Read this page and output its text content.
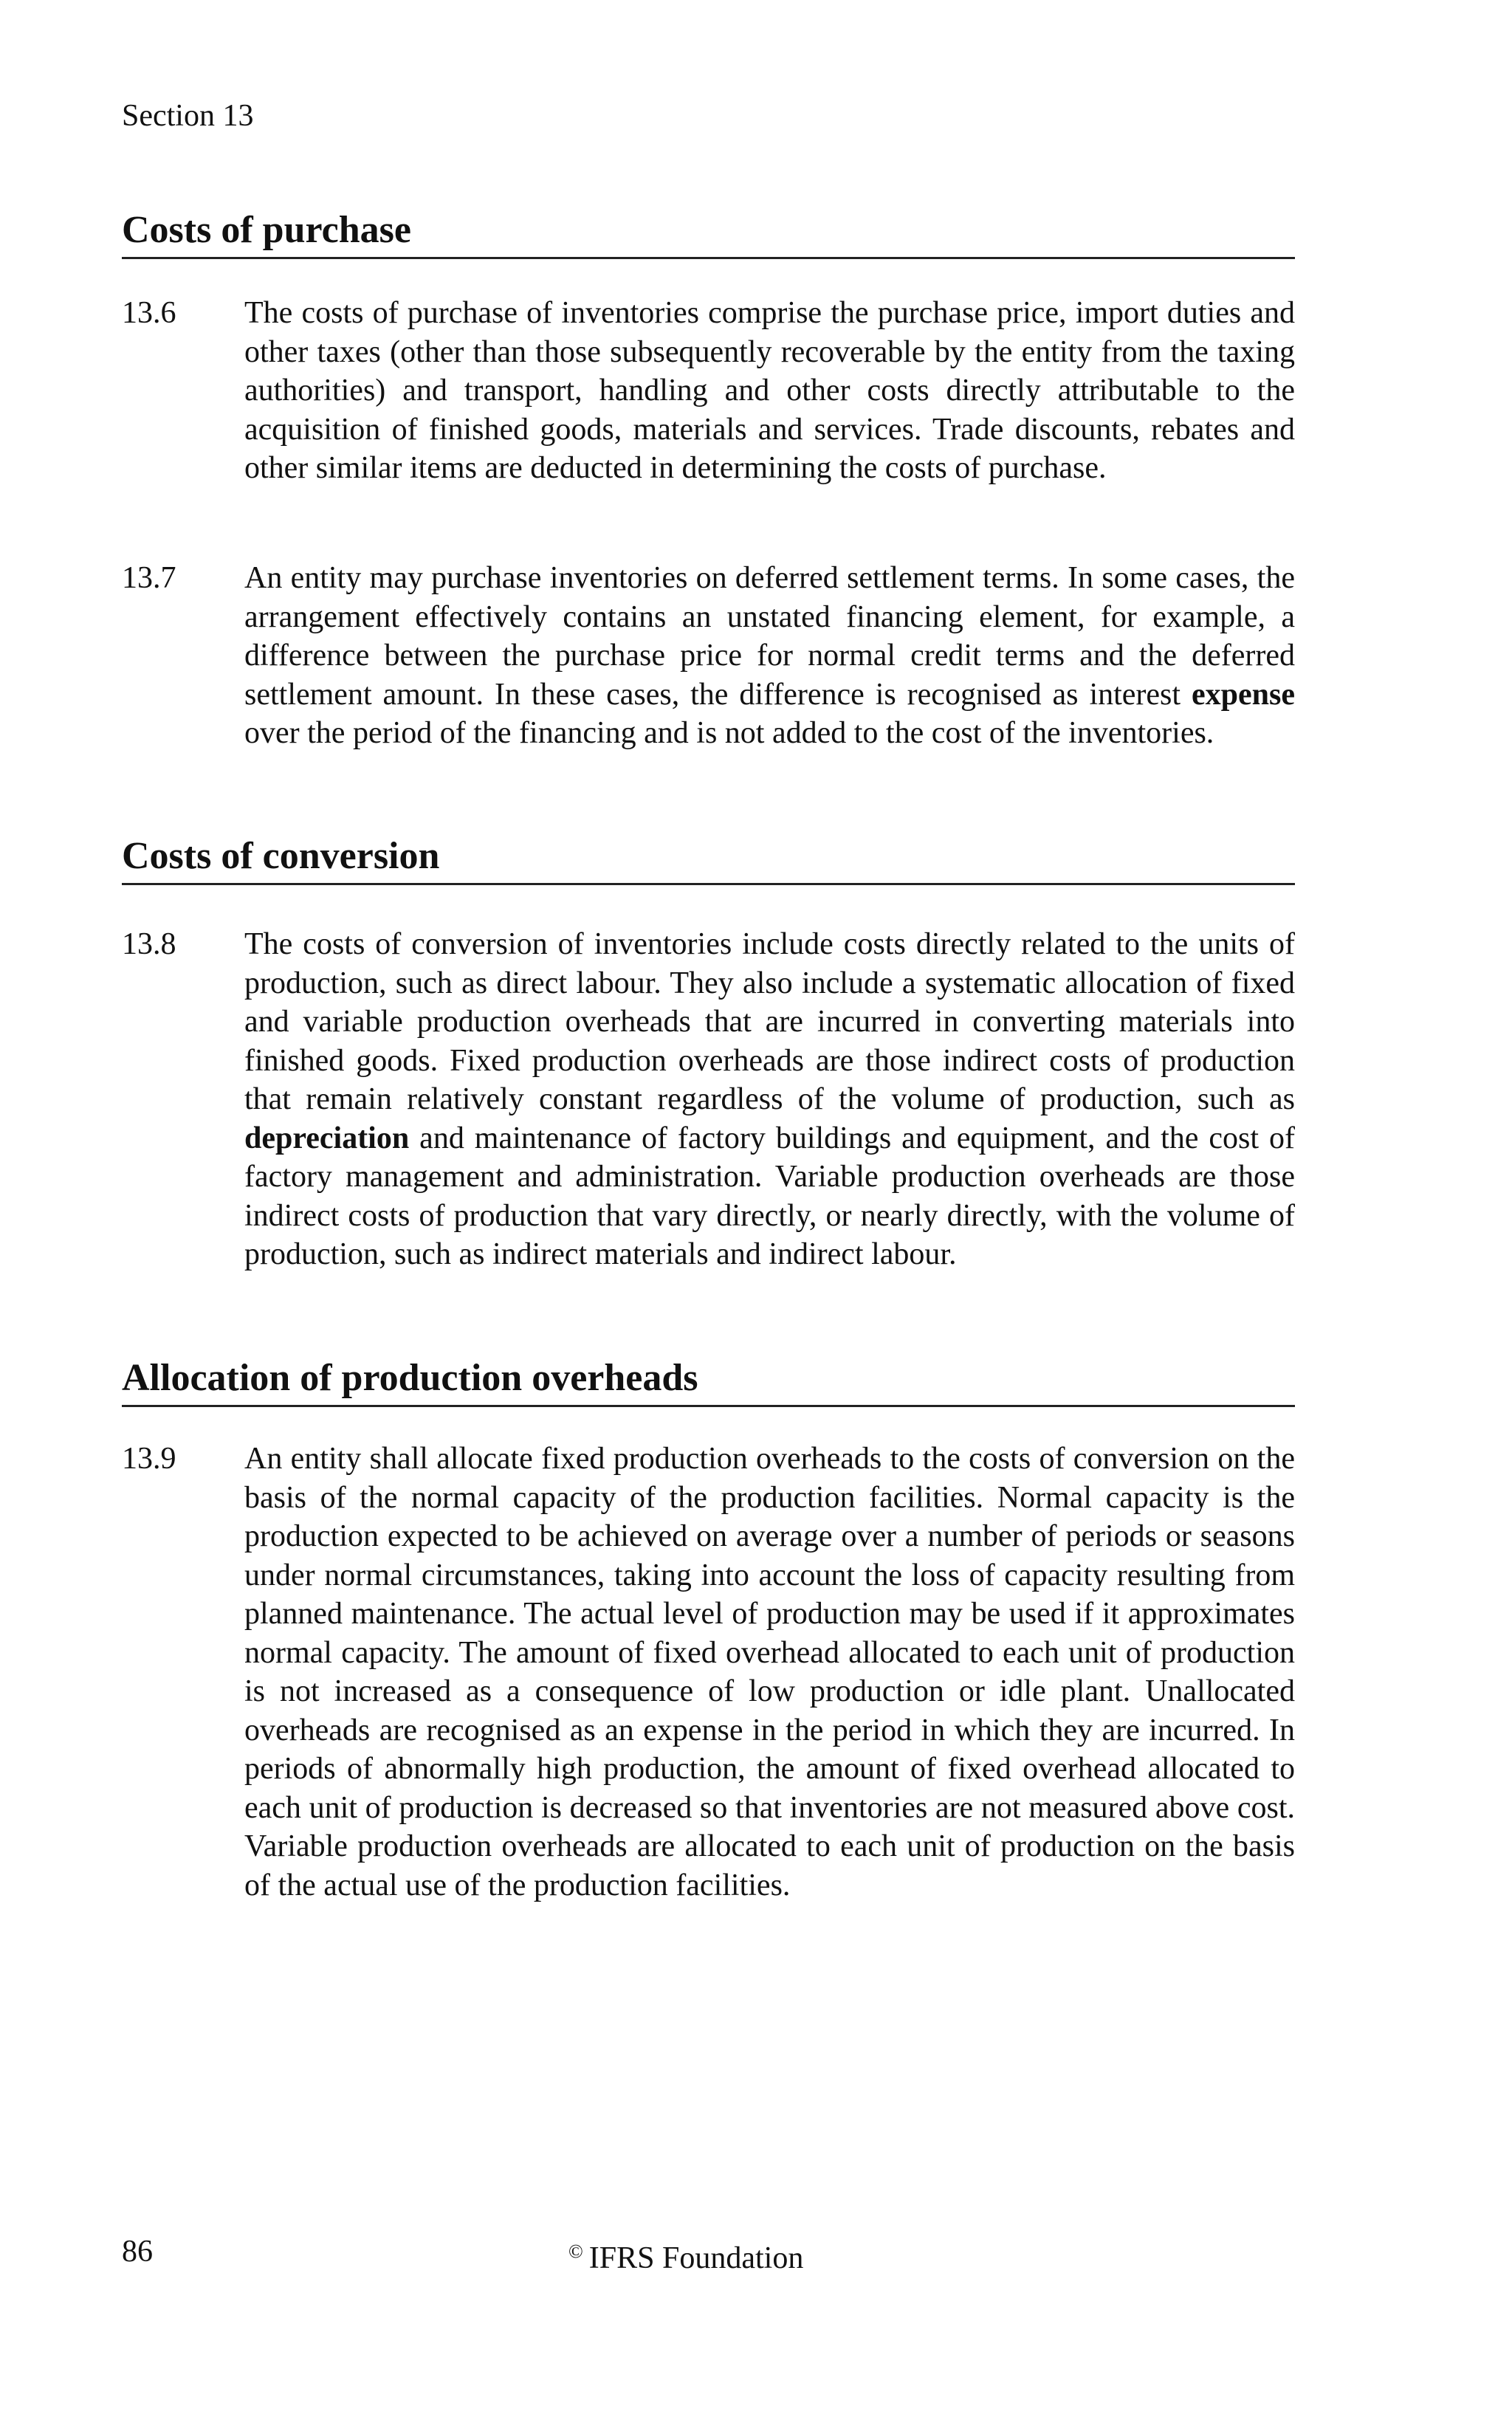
Section 13
Costs of purchase
13.6	The costs of purchase of inventories comprise the purchase price, import duties and other taxes (other than those subsequently recoverable by the entity from the taxing authorities) and transport, handling and other costs directly attributable to the acquisition of finished goods, materials and services. Trade discounts, rebates and other similar items are deducted in determining the costs of purchase.
13.7	An entity may purchase inventories on deferred settlement terms. In some cases, the arrangement effectively contains an unstated financing element, for example, a difference between the purchase price for normal credit terms and the deferred settlement amount. In these cases, the difference is recognised as interest expense over the period of the financing and is not added to the cost of the inventories.
Costs of conversion
13.8	The costs of conversion of inventories include costs directly related to the units of production, such as direct labour. They also include a systematic allocation of fixed and variable production overheads that are incurred in converting materials into finished goods. Fixed production overheads are those indirect costs of production that remain relatively constant regardless of the volume of production, such as depreciation and maintenance of factory buildings and equipment, and the cost of factory management and administration. Variable production overheads are those indirect costs of production that vary directly, or nearly directly, with the volume of production, such as indirect materials and indirect labour.
Allocation of production overheads
13.9	An entity shall allocate fixed production overheads to the costs of conversion on the basis of the normal capacity of the production facilities. Normal capacity is the production expected to be achieved on average over a number of periods or seasons under normal circumstances, taking into account the loss of capacity resulting from planned maintenance. The actual level of production may be used if it approximates normal capacity. The amount of fixed overhead allocated to each unit of production is not increased as a consequence of low production or idle plant. Unallocated overheads are recognised as an expense in the period in which they are incurred. In periods of abnormally high production, the amount of fixed overhead allocated to each unit of production is decreased so that inventories are not measured above cost. Variable production overheads are allocated to each unit of production on the basis of the actual use of the production facilities.
86	© IFRS Foundation
